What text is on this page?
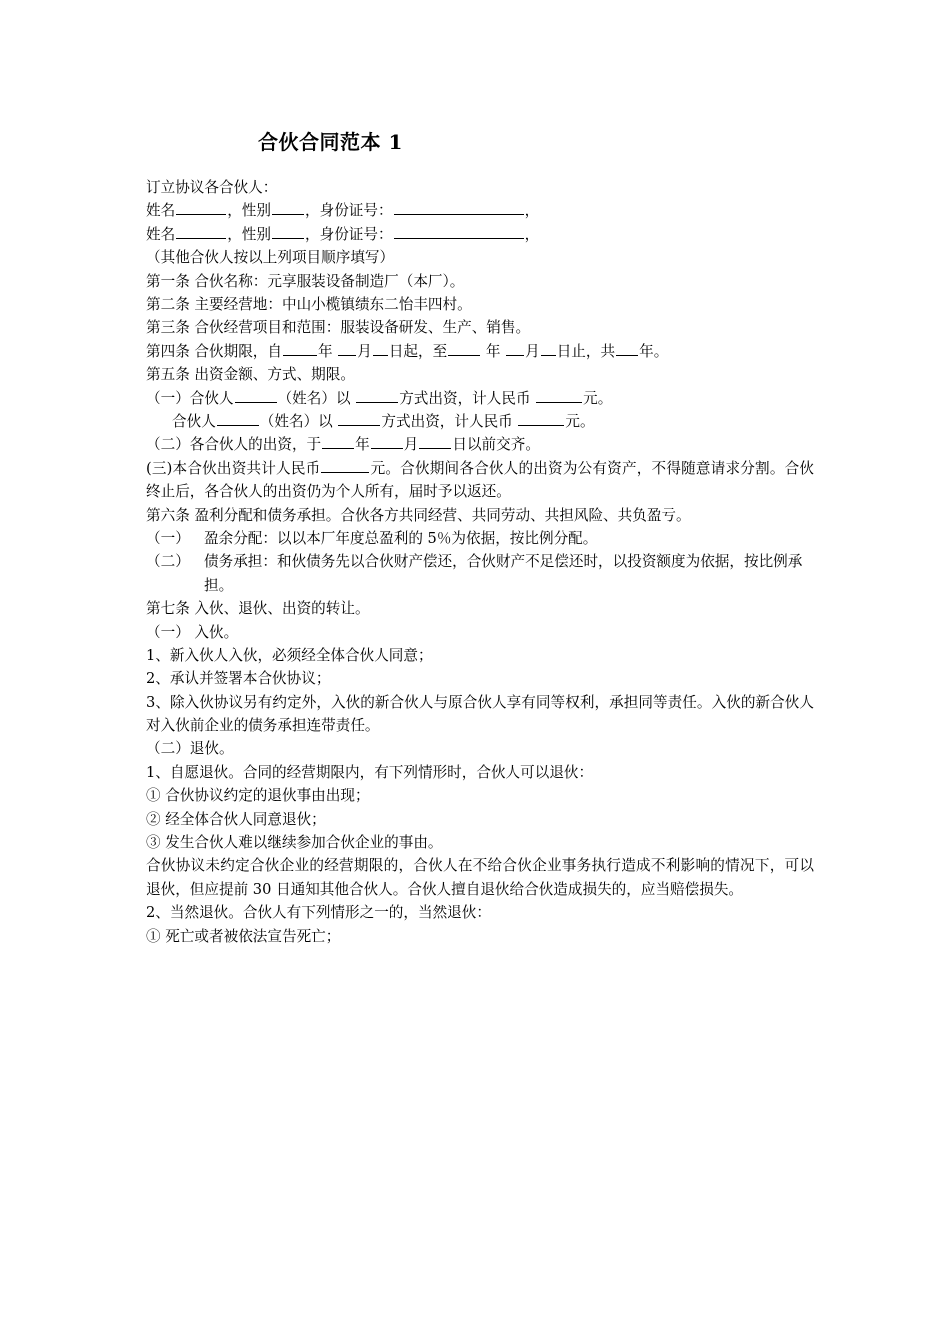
合伙合同范本 1
订立协议各合伙人：
姓名	，性别 ，身份证号：	，
姓名	，性别 ，身份证号：	，
（其他合伙人按以上列项目顺序填写）
第一条 合伙名称：元享服装设备制造厂（本厂）。
第二条 主要经营地：中山小榄镇绩东二怡丰四村。
第三条 合伙经营项目和范围：服装设备研发、生产、销售。
第四条 合伙期限，自 年 月 日起，至 年 月 日止，共 年。
第五条 出资金额、方式、期限。
（一）合伙人	（姓名）以	方式出资，计人民币	元。
合伙人	（姓名）以	方式出资，计人民币	元。
（二）各合伙人的出资，于 年 月 日以前交齐。
(三)本合伙出资共计人民币	元。合伙期间各合伙人的出资为公有资产，不得随意请求分割。合伙终止后，各合伙人的出资仍为个人所有，届时予以返还。
第六条 盈利分配和债务承担。合伙各方共同经营、共同劳动、共担风险、共负盈亏。
（一） 盈余分配：以以本厂年度总盈利的 5％为依据，按比例分配。
（二） 债务承担：和伙债务先以合伙财产偿还，合伙财产不足偿还时，以投资额度为依据，按比例承担。
第七条 入伙、退伙、出资的转让。
（一） 入伙。
1、新入伙人入伙，必须经全体合伙人同意；
2、承认并签署本合伙协议；
3、除入伙协议另有约定外，入伙的新合伙人与原合伙人享有同等权利，承担同等责任。入伙的新合伙人对入伙前企业的债务承担连带责任。
（二）退伙。
1、自愿退伙。合同的经营期限内，有下列情形时，合伙人可以退伙：
① 合伙协议约定的退伙事由出现；
② 经全体合伙人同意退伙；
③ 发生合伙人难以继续参加合伙企业的事由。
合伙协议未约定合伙企业的经营期限的，合伙人在不给合伙企业事务执行造成不利影响的情况下，可以退伙，但应提前 30 日通知其他合伙人。合伙人擅自退伙给合伙造成损失的，应当赔偿损失。
2、当然退伙。合伙人有下列情形之一的，当然退伙：
① 死亡或者被依法宣告死亡；
